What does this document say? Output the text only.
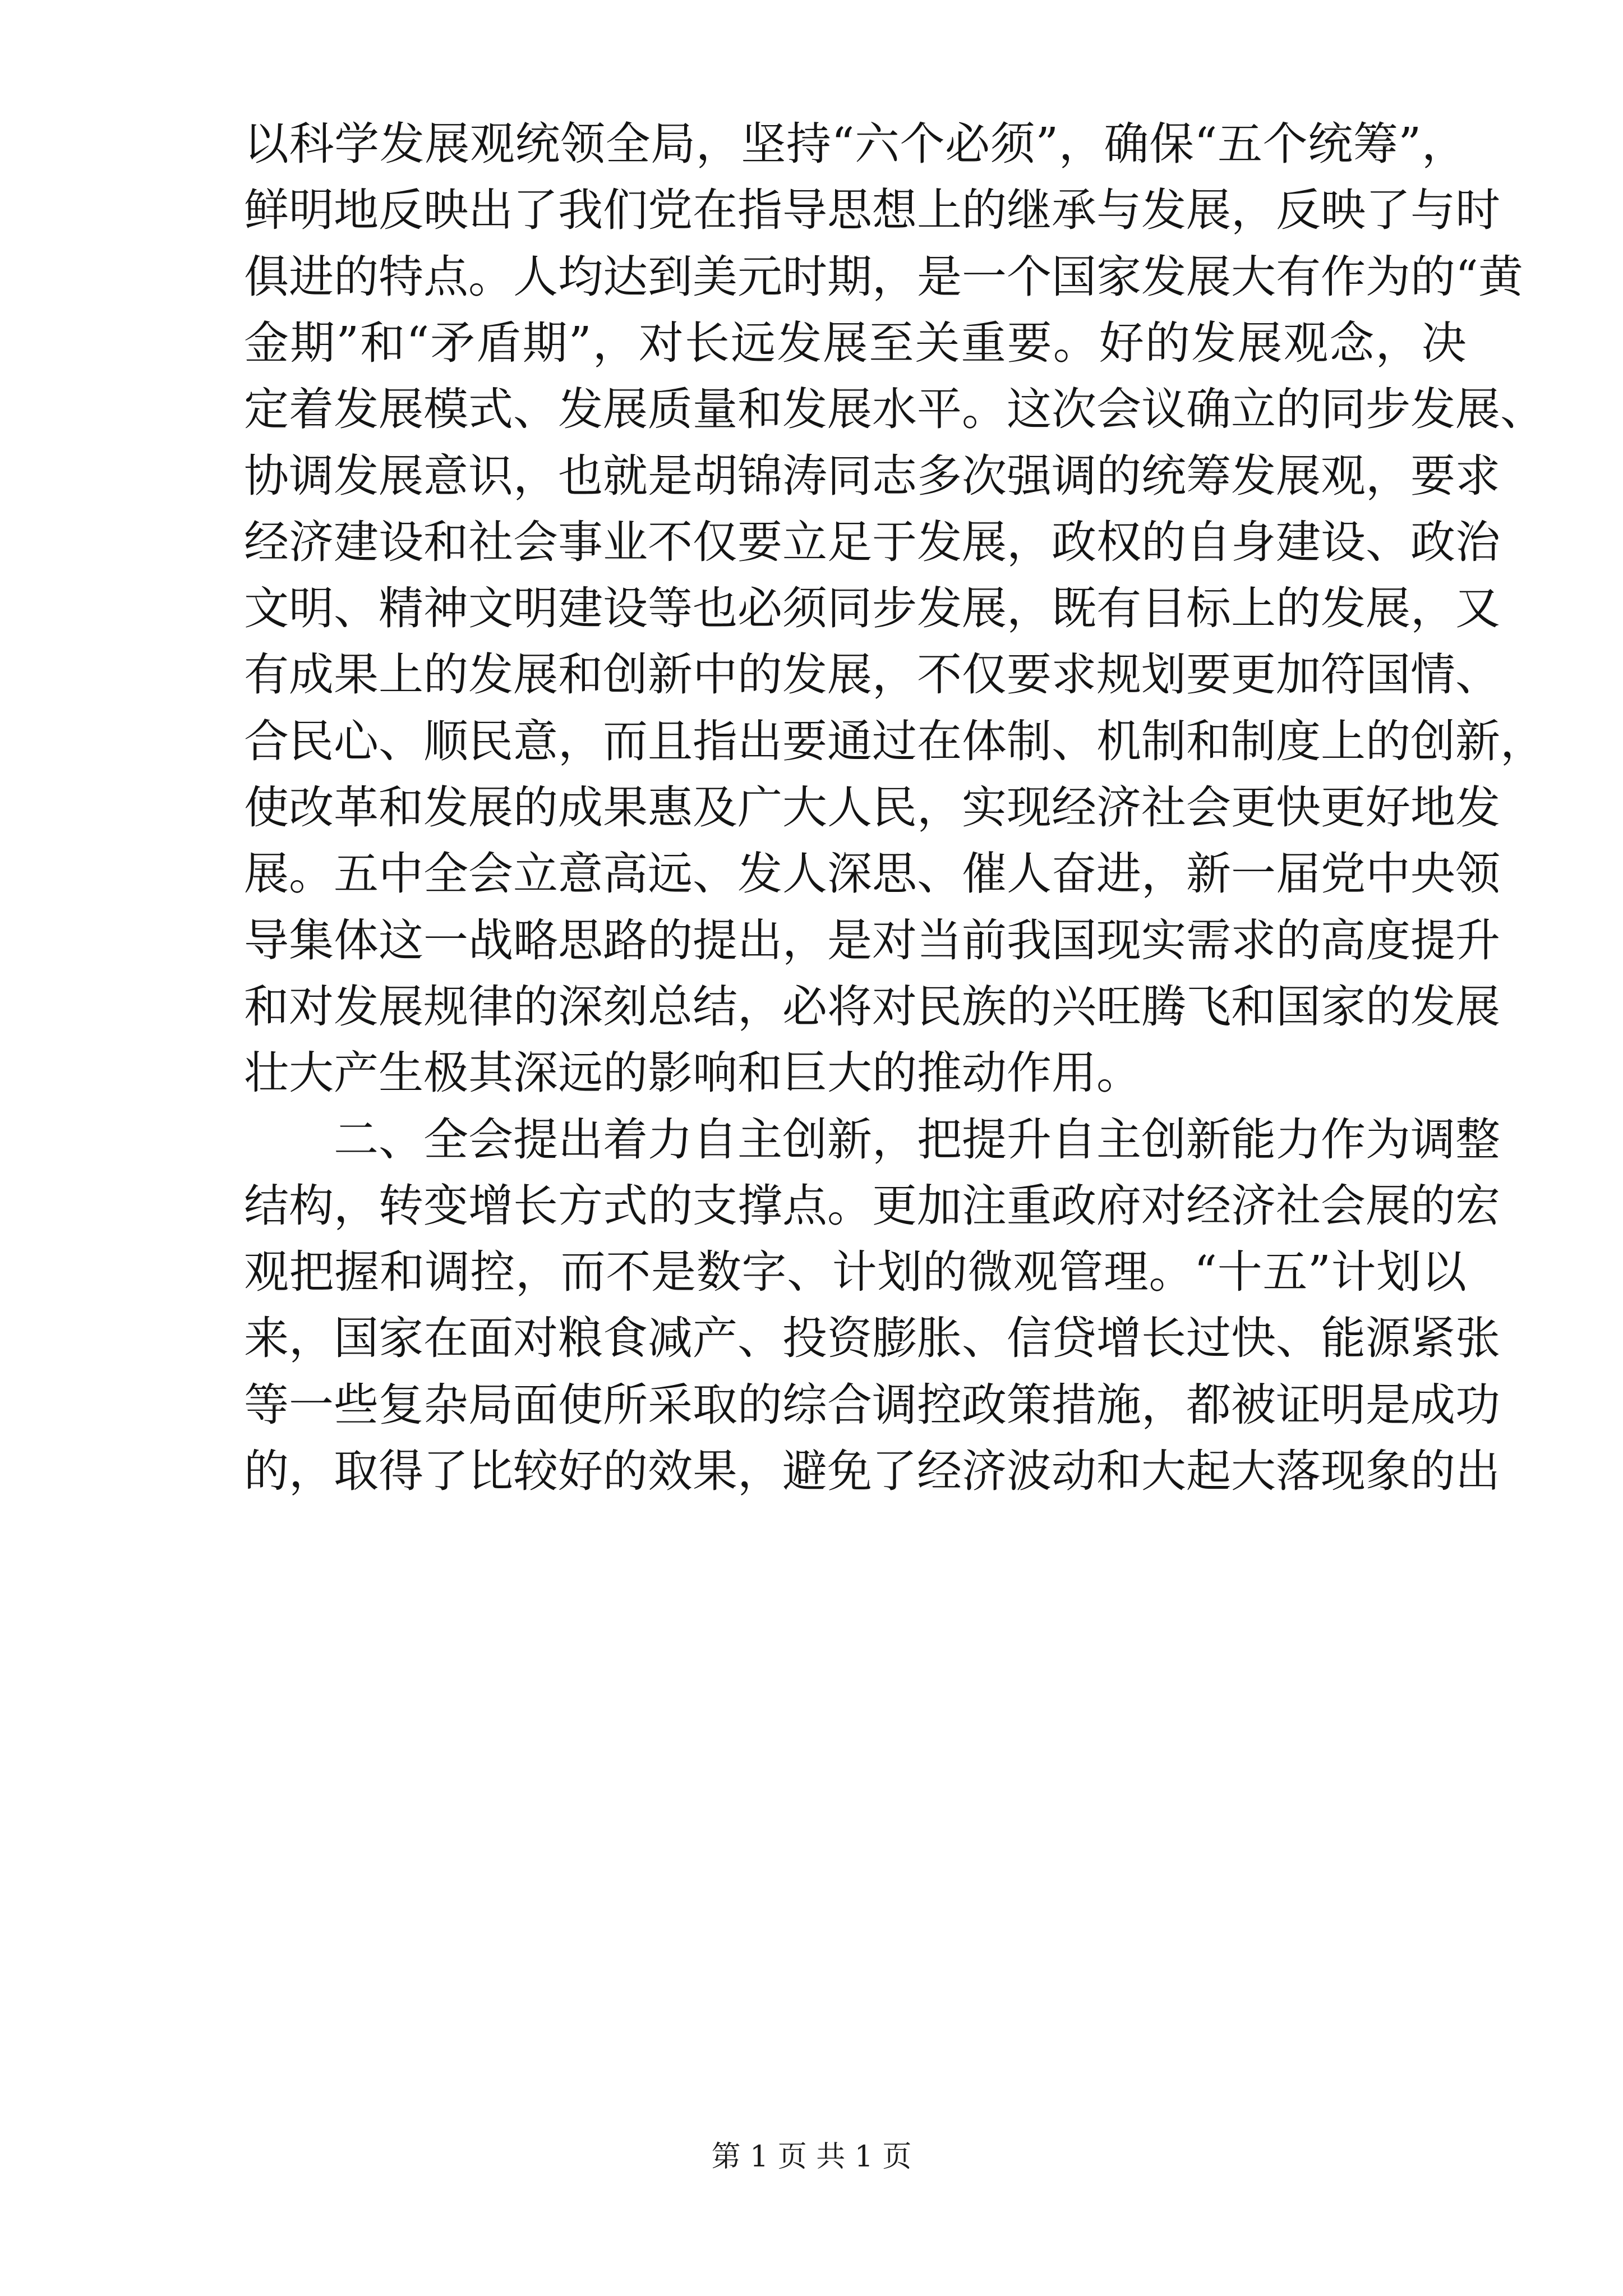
以 科 学 发 展 观 统 领 全 局 ， 坚 持 “ 六 个 必 须 ” ， 确 保 “ 五 个 统 筹 ” ，
鲜 明 地 反 映 出 了 我 们 党 在 指 导 思 想 上 的 继 承 与 发 展 ， 反 映 了 与 时
俱 进 的 特 点 。 人 均 达 到 美 元 时 期 ， 是 一 个 国 家 发 展 大 有 作 为 的 “ 黄
金 期 ” 和 “ 矛 盾 期 ” ， 对 长 远 发 展 至 关 重 要 。 好 的 发 展 观 念 ， 决
定 着 发 展 模 式 、 发 展 质 量 和 发 展 水 平 。 这 次 会 议 确 立 的 同 步 发 展 、
协 调 发 展 意 识 ， 也 就 是 胡 锦 涛 同 志 多 次 强 调 的 统 筹 发 展 观 ， 要 求
经 济 建 设 和 社 会 事 业 不 仅 要 立 足 于 发 展 ， 政 权 的 自 身 建 设 、 政 治
文 明 、 精 神 文 明 建 设 等 也 必 须 同 步 发 展 ， 既 有 目 标 上 的 发 展 ， 又
有 成 果 上 的 发 展 和 创 新 中 的 发 展 ， 不 仅 要 求 规 划 要 更 加 符 国 情 、
合 民 心 、 顺 民 意 ， 而 且 指 出 要 通 过 在 体 制 、 机 制 和 制 度 上 的 创 新 ，
使 改 革 和 发 展 的 成 果 惠 及 广 大 人 民 ， 实 现 经 济 社 会 更 快 更 好 地 发
展 。 五 中 全 会 立 意 高 远 、 发 人 深 思 、 催 人 奋 进 ， 新 一 届 党 中 央 领
导 集 体 这 一 战 略 思 路 的 提 出 ， 是 对 当 前 我 国 现 实 需 求 的 高 度 提 升
和 对 发 展 规 律 的 深 刻 总 结 ， 必 将 对 民 族 的 兴 旺 腾 飞 和 国 家 的 发 展
壮 大 产 生 极 其 深 远 的 影 响 和 巨 大 的 推 动 作 用 。
二 、 全 会 提 出 着 力 自 主 创 新 ， 把 提 升 自 主 创 新 能 力 作 为 调 整
结 构 ， 转 变 增 长 方 式 的 支 撑 点 。 更 加 注 重 政 府 对 经 济 社 会 展 的 宏
观 把 握 和 调 控 ， 而 不 是 数 字 、 计 划 的 微 观 管 理 。 “ 十 五 ” 计 划 以
来 ， 国 家 在 面 对 粮 食 减 产 、 投 资 膨 胀 、 信 贷 增 长 过 快 、 能 源 紧 张
等 一 些 复 杂 局 面 使 所 采 取 的 综 合 调 控 政 策 措 施 ， 都 被 证 明 是 成 功
的 ， 取 得 了 比 较 好 的 效 果 ， 避 免 了 经 济 波 动 和 大 起 大 落 现 象 的 出
第 1 页 共 1 页
